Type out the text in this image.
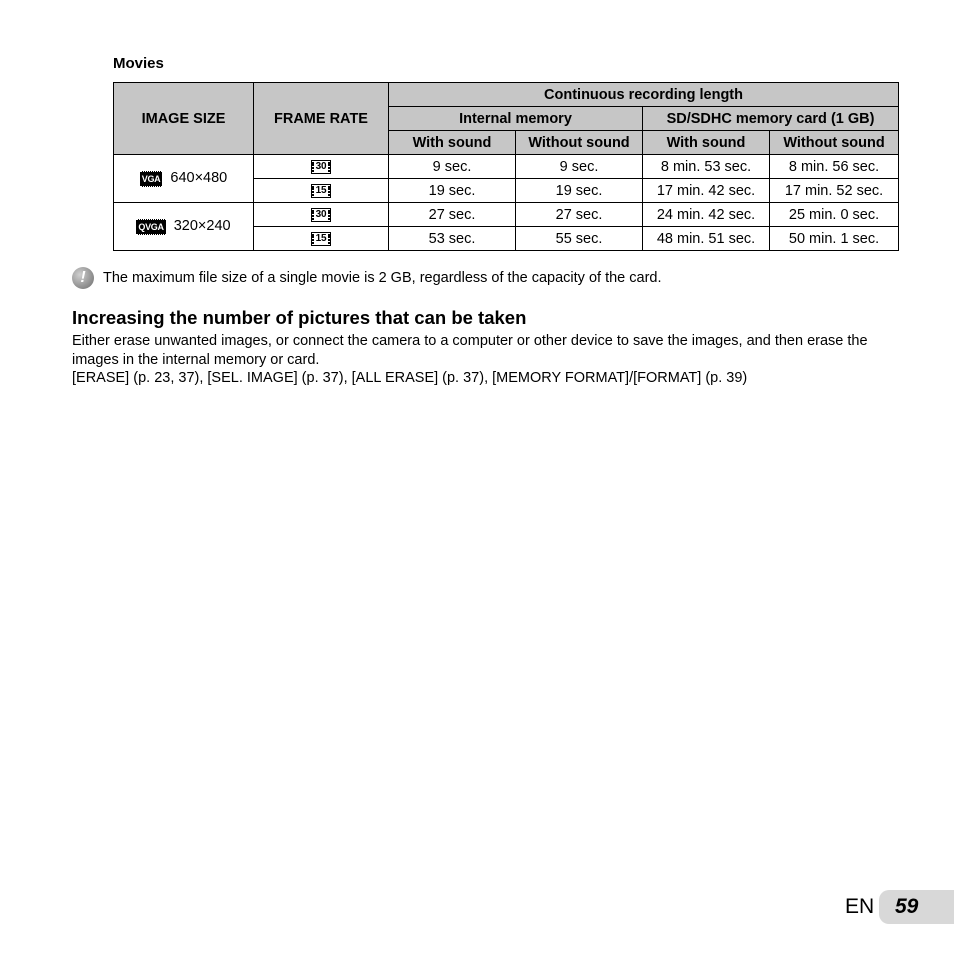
Movies
IMAGE SIZE	FRAME RATE	Continuous recording length			
		Internal memory		SD/SDHC memory card (1 GB)	
		With sound	Without sound	With sound	Without sound
VGA 640×480	30	9 sec.	9 sec.	8 min. 53 sec.	8 min. 56 sec.
	15	19 sec.	19 sec.	17 min. 42 sec.	17 min. 52 sec.
QVGA 320×240	30	27 sec.	27 sec.	24 min. 42 sec.	25 min. 0 sec.
	15	53 sec.	55 sec.	48 min. 51 sec.	50 min. 1 sec.
!	The maximum file size of a single movie is 2 GB, regardless of the capacity of the card.
Increasing the number of pictures that can be taken
Either erase unwanted images, or connect the camera to a computer or other device to save the images, and then erase the images in the internal memory or card.
[ERASE] (p. 23, 37), [SEL. IMAGE] (p. 37), [ALL ERASE] (p. 37), [MEMORY FORMAT]/[FORMAT] (p. 39)
EN 59
